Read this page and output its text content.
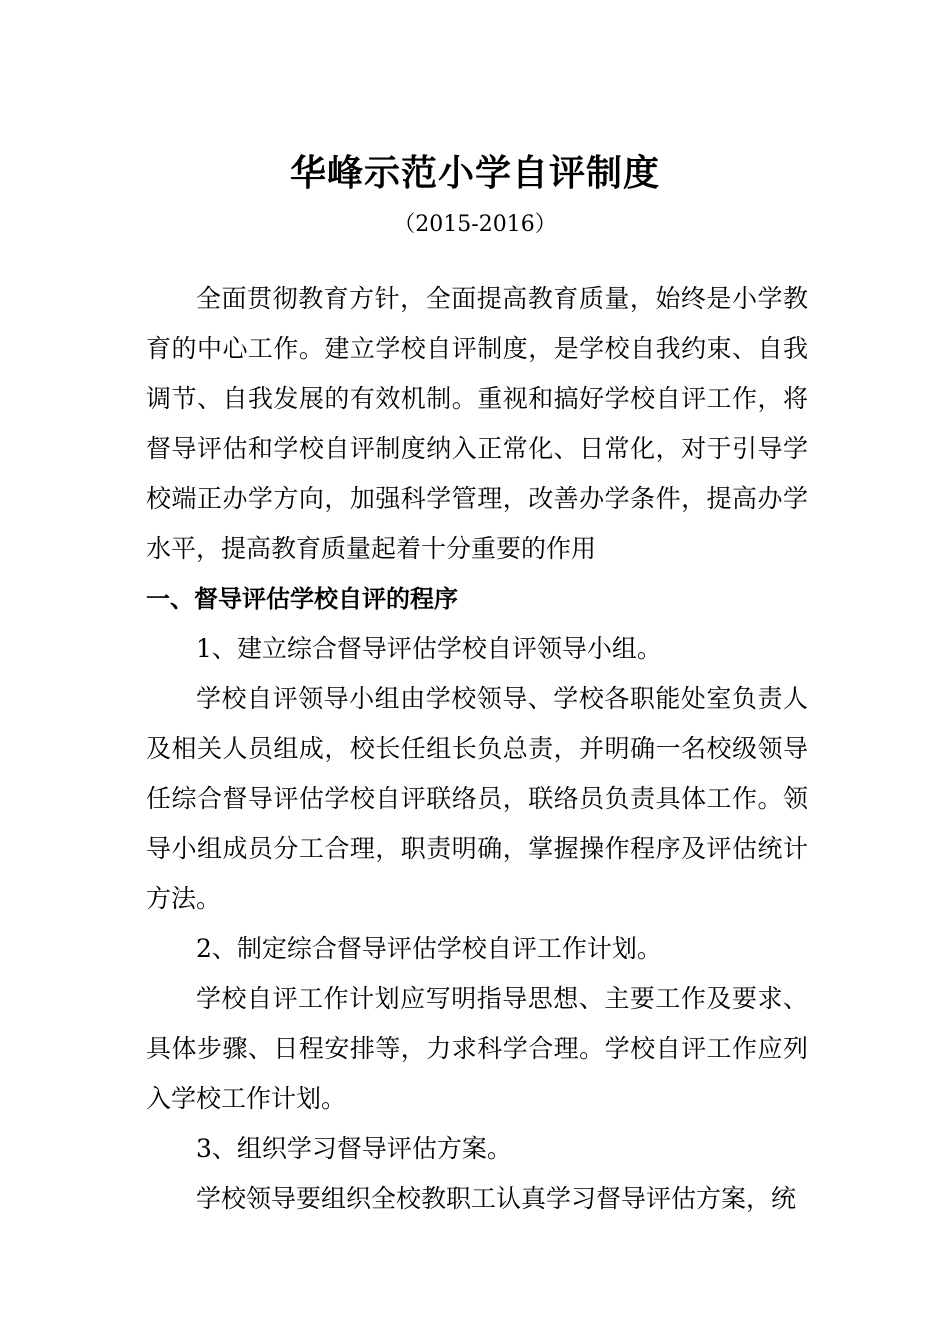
华峰示范小学自评制度
（2015-2016）

全面贯彻教育方针，全面提高教育质量，始终是小学教育的中心工作。建立学校自评制度，是学校自我约束、自我调节、自我发展的有效机制。重视和搞好学校自评工作，将督导评估和学校自评制度纳入正常化、日常化，对于引导学校端正办学方向，加强科学管理，改善办学条件，提高办学水平，提高教育质量起着十分重要的作用

一、督导评估学校自评的程序

1、建立综合督导评估学校自评领导小组。

学校自评领导小组由学校领导、学校各职能处室负责人及相关人员组成，校长任组长负总责，并明确一名校级领导任综合督导评估学校自评联络员，联络员负责具体工作。领导小组成员分工合理，职责明确，掌握操作程序及评估统计方法。

2、制定综合督导评估学校自评工作计划。

学校自评工作计划应写明指导思想、主要工作及要求、具体步骤、日程安排等，力求科学合理。学校自评工作应列入学校工作计划。

3、组织学习督导评估方案。

学校领导要组织全校教职工认真学习督导评估方案，统
